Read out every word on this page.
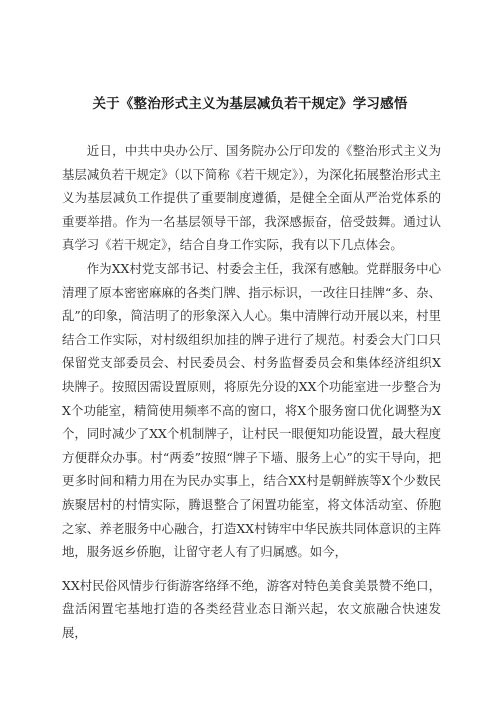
关于《整治形式主义为基层减负若干规定》学习感悟

近日，中共中央办公厅、国务院办公厅印发的《整治形式主义为基层减负若干规定》（以下简称《若干规定》），为深化拓展整治形式主义为基层减负工作提供了重要制度遵循，是健全全面从严治党体系的重要举措。作为一名基层领导干部，我深感振奋，倍受鼓舞。通过认真学习《若干规定》，结合自身工作实际，我有以下几点体会。

作为XX村党支部书记、村委会主任，我深有感触。党群服务中心清理了原本密密麻麻的各类门牌、指示标识，一改往日挂牌“多、杂、乱”的印象，简洁明了的形象深入人心。集中清牌行动开展以来，村里结合工作实际，对村级组织加挂的牌子进行了规范。村委会大门口只保留党支部委员会、村民委员会、村务监督委员会和集体经济组织X块牌子。按照因需设置原则，将原先分设的XX个功能室进一步整合为X个功能室，精简使用频率不高的窗口，将X个服务窗口优化调整为X个，同时减少了XX个机制牌子，让村民一眼便知功能设置，最大程度方便群众办事。村“两委”按照“牌子下墙、服务上心”的实干导向，把更多时间和精力用在为民办实事上，结合XX村是朝鲜族等X个少数民族聚居村的村情实际，腾退整合了闲置功能室，将文体活动室、侨胞之家、养老服务中心融合，打造XX村铸牢中华民族共同体意识的主阵地，服务返乡侨胞，让留守老人有了归属感。如今，

XX村民俗风情步行街游客络绎不绝，游客对特色美食美景赞不绝口，盘活闲置宅基地打造的各类经营业态日渐兴起，农文旅融合快速发展，
